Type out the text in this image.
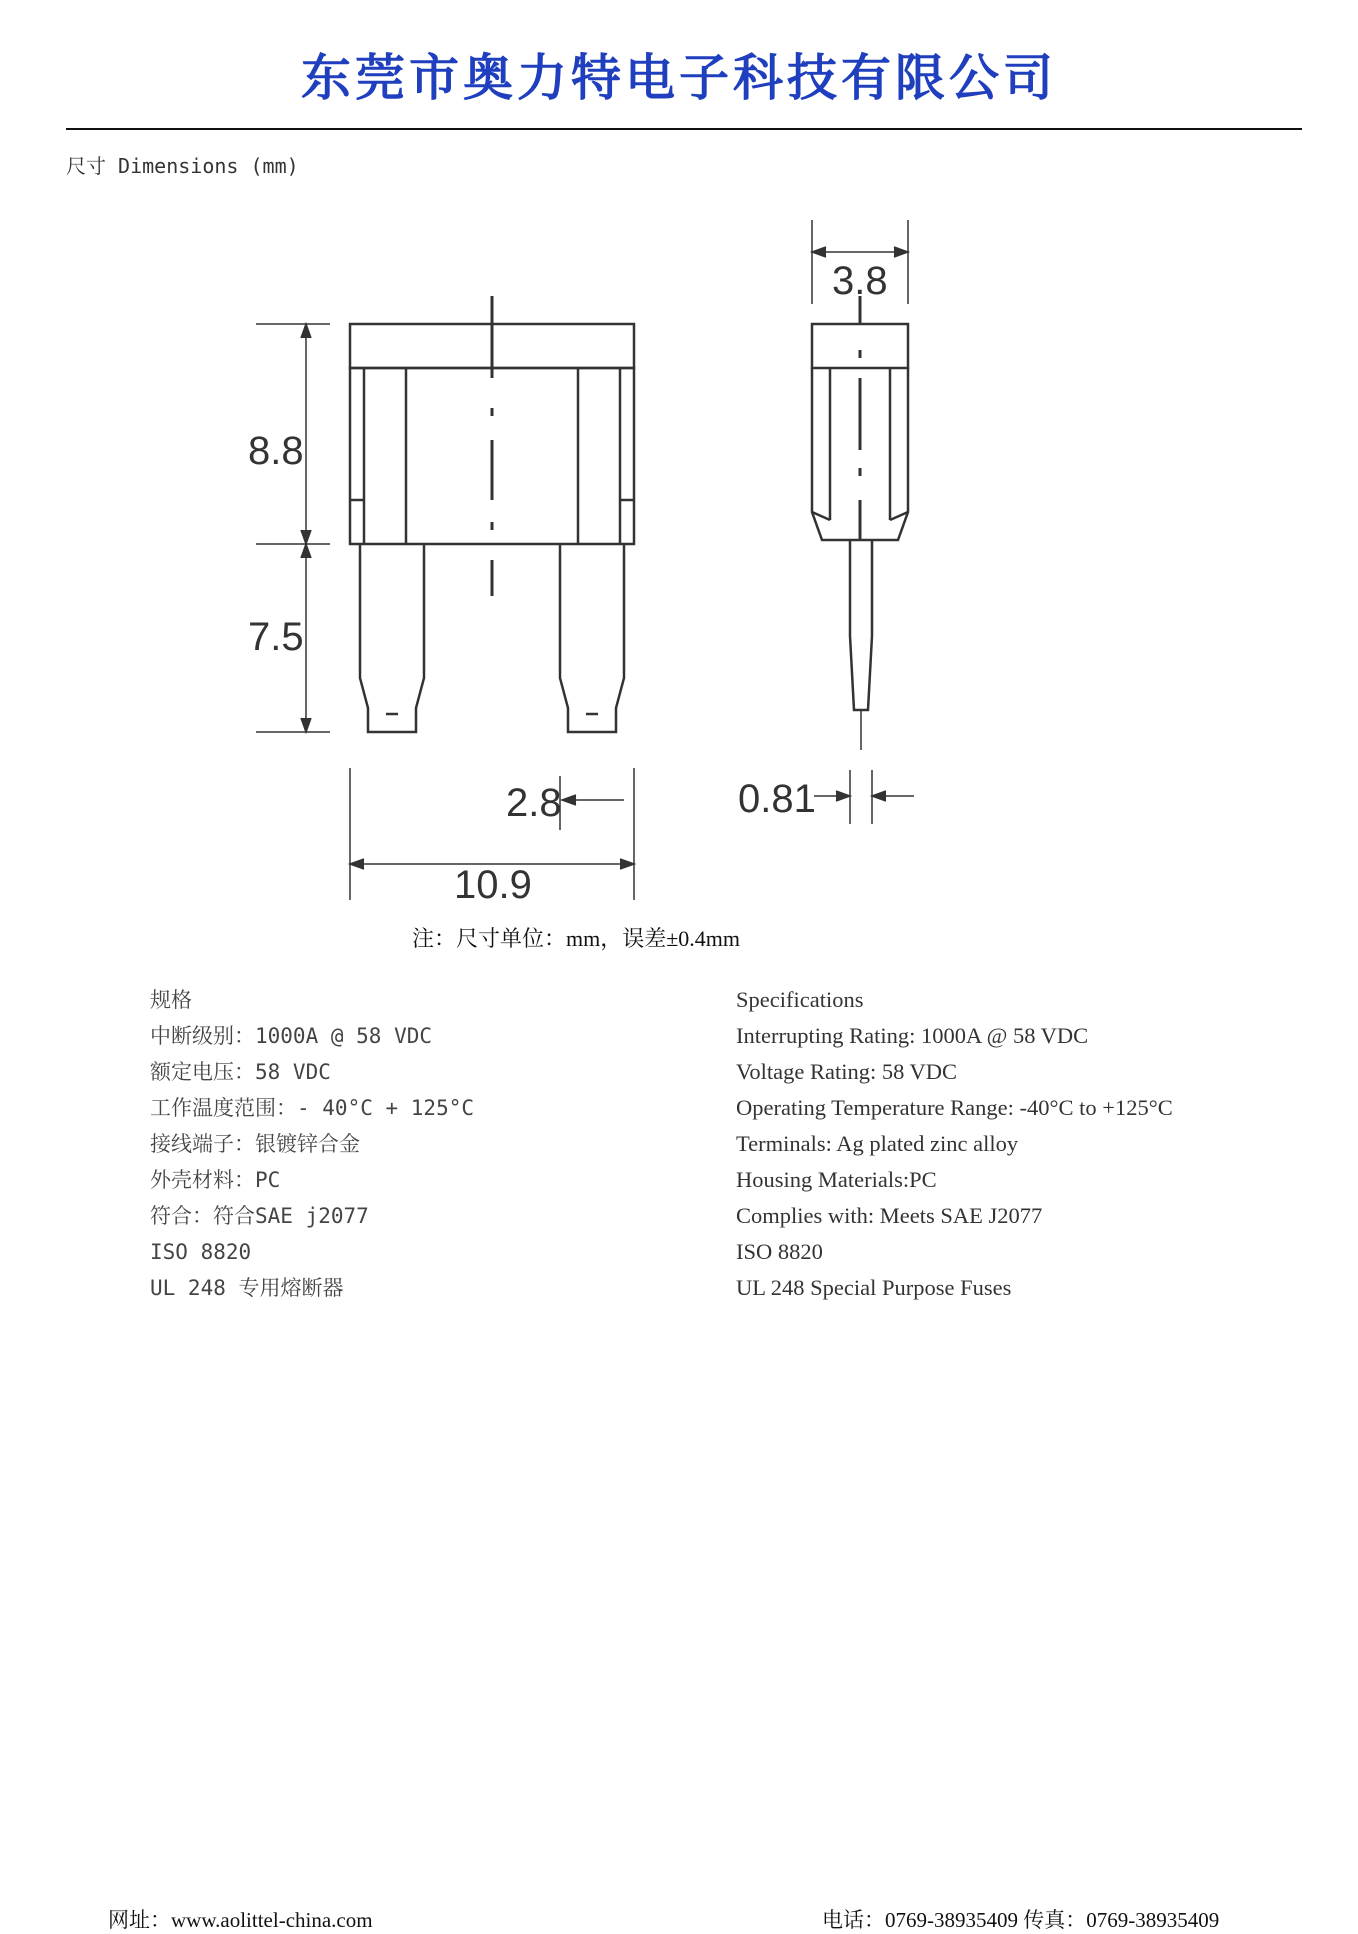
东莞市奥力特电子科技有限公司
尺寸 Dimensions (mm)
8.8
7.5
2.8
10.9
3.8
0.81
注：尺寸单位：mm，误差±0.4mm
规格
中断级别：1000A @ 58 VDC
额定电压：58 VDC
工作温度范围：- 40°C + 125°C
接线端子：银镀锌合金
外壳材料：PC
符合：符合SAE j2077
ISO 8820
UL 248 专用熔断器
Specifications
Interrupting Rating: 1000A @ 58 VDC
Voltage Rating: 58 VDC
Operating Temperature Range: -40°C to +125°C
Terminals: Ag plated zinc alloy
Housing Materials:PC
Complies with: Meets SAE J2077
ISO 8820
UL 248 Special Purpose Fuses
网址：www.aolittel-china.com	电话：0769-38935409 传真：0769-38935409
